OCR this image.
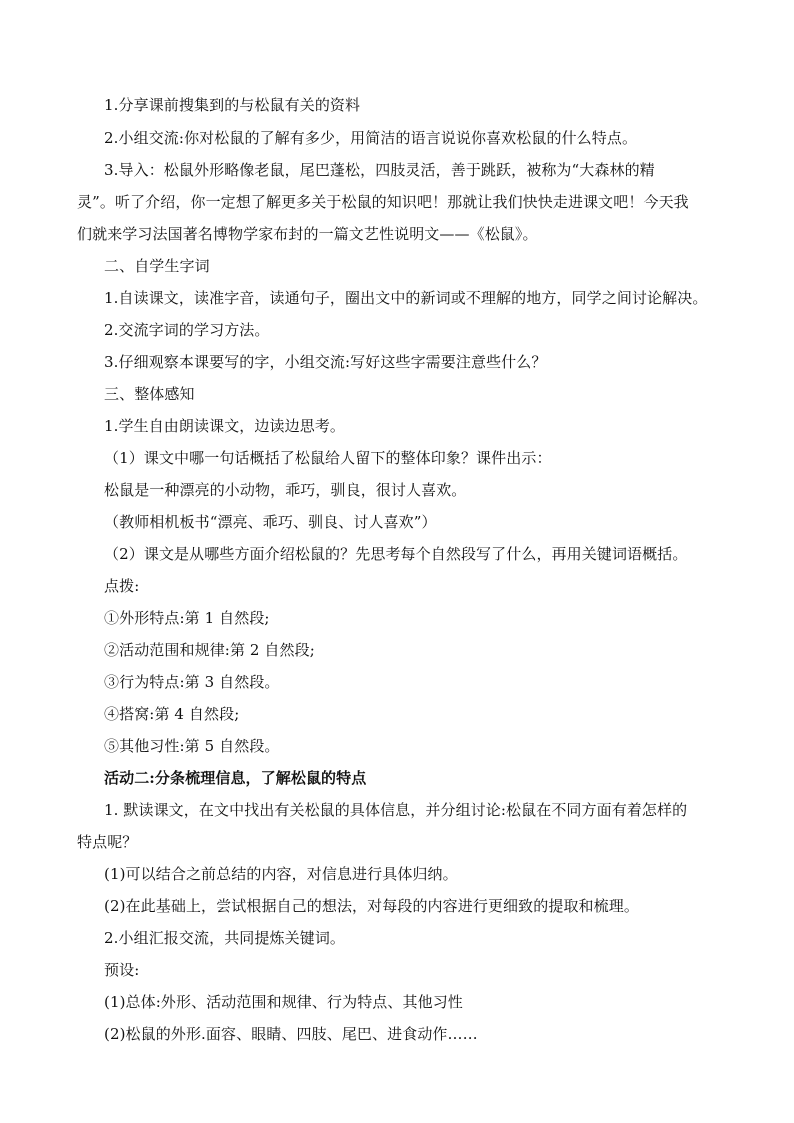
1.分享课前搜集到的与松鼠有关的资料
2.小组交流:你对松鼠的了解有多少，用简洁的语言说说你喜欢松鼠的什么特点。
3.导入：松鼠外形略像老鼠，尾巴蓬松，四肢灵活，善于跳跃，被称为“大森林的精
灵”。听了介绍，你一定想了解更多关于松鼠的知识吧！那就让我们快快走进课文吧！今天我
们就来学习法国著名博物学家布封的一篇文艺性说明文——《松鼠》。
二、自学生字词
1.自读课文，读准字音，读通句子，圈出文中的新词或不理解的地方，同学之间讨论解决。
2.交流字词的学习方法。
3.仔细观察本课要写的字，小组交流:写好这些字需要注意些什么？
三、整体感知
1.学生自由朗读课文，边读边思考。
（1）课文中哪一句话概括了松鼠给人留下的整体印象？课件出示：
松鼠是一种漂亮的小动物，乖巧，驯良，很讨人喜欢。
（教师相机板书“漂亮、乖巧、驯良、讨人喜欢”）
（2）课文是从哪些方面介绍松鼠的？先思考每个自然段写了什么，再用关键词语概括。
点拨:
①外形特点:第 1 自然段;
②活动范围和规律:第 2 自然段;
③行为特点:第 3 自然段。
④搭窝:第 4 自然段;
⑤其他习性:第 5 自然段。
活动二:分条梳理信息，了解松鼠的特点
1. 默读课文，在文中找出有关松鼠的具体信息，并分组讨论:松鼠在不同方面有着怎样的
特点呢？
(1)可以结合之前总结的内容，对信息进行具体归纳。
(2)在此基础上，尝试根据自己的想法，对每段的内容进行更细致的提取和梳理。
2.小组汇报交流，共同提炼关键词。
预设:
(1)总体:外形、活动范围和规律、行为特点、其他习性
(2)松鼠的外形.面容、眼睛、四肢、尾巴、进食动作……
